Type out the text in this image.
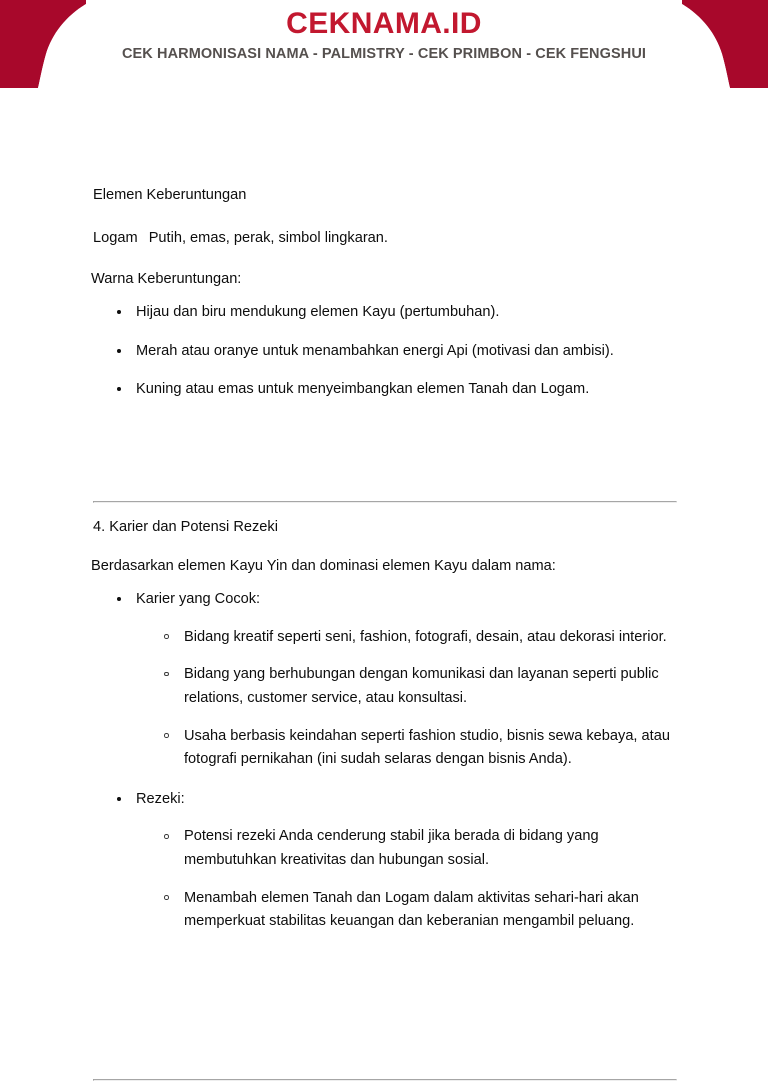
CEKNAMA.ID
CEK HARMONISASI NAMA - PALMISTRY - CEK PRIMBON - CEK FENGSHUI

Elemen Keberuntungan

Logam Putih, emas, perak, simbol lingkaran.

Warna Keberuntungan:

Hijau dan biru mendukung elemen Kayu (pertumbuhan).
Merah atau oranye untuk menambahkan energi Api (motivasi dan ambisi).
Kuning atau emas untuk menyeimbangkan elemen Tanah dan Logam.

4. Karier dan Potensi Rezeki

Berdasarkan elemen Kayu Yin dan dominasi elemen Kayu dalam nama:

Karier yang Cocok:
Bidang kreatif seperti seni, fashion, fotografi, desain, atau dekorasi interior.
Bidang yang berhubungan dengan komunikasi dan layanan seperti public relations, customer service, atau konsultasi.
Usaha berbasis keindahan seperti fashion studio, bisnis sewa kebaya, atau fotografi pernikahan (ini sudah selaras dengan bisnis Anda).
Rezeki:
Potensi rezeki Anda cenderung stabil jika berada di bidang yang membutuhkan kreativitas dan hubungan sosial.
Menambah elemen Tanah dan Logam dalam aktivitas sehari-hari akan memperkuat stabilitas keuangan dan keberanian mengambil peluang.
